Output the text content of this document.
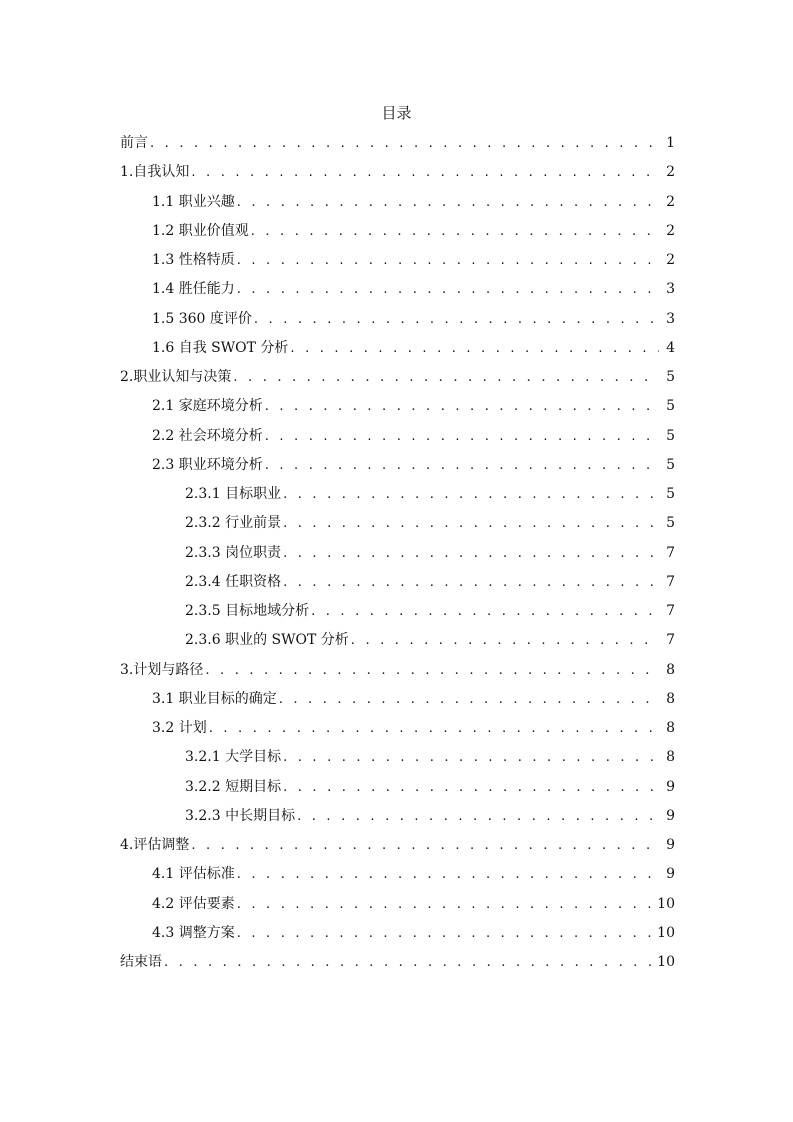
目录
前言 . . .	1
1.自我认知 . . .	2
1.1 职业兴趣 . . .	2
1.2 职业价值观 . . .	2
1.3 性格特质 . . .	2
1.4 胜任能力 . . .	3
1.5 360 度评价 . . .	3
1.6 自我 SWOT 分析 . . .	4
2.职业认知与决策 . . .	5
2.1 家庭环境分析 . . .	5
2.2 社会环境分析 . . .	5
2.3 职业环境分析 . . .	5
2.3.1 目标职业 . . .	5
2.3.2 行业前景 . . .	5
2.3.3 岗位职责 . . .	7
2.3.4 任职资格 . . .	7
2.3.5 目标地域分析 . . .	7
2.3.6 职业的 SWOT 分析 . . .	7
3.计划与路径 . . .	8
3.1 职业目标的确定 . . .	8
3.2 计划 . . .	8
3.2.1 大学目标 . . .	8
3.2.2 短期目标 . . .	9
3.2.3 中长期目标 . . .	9
4.评估调整 . . .	9
4.1 评估标准 . . .	9
4.2 评估要素 . . .	10
4.3 调整方案 . . .	10
结束语 . . .	10
